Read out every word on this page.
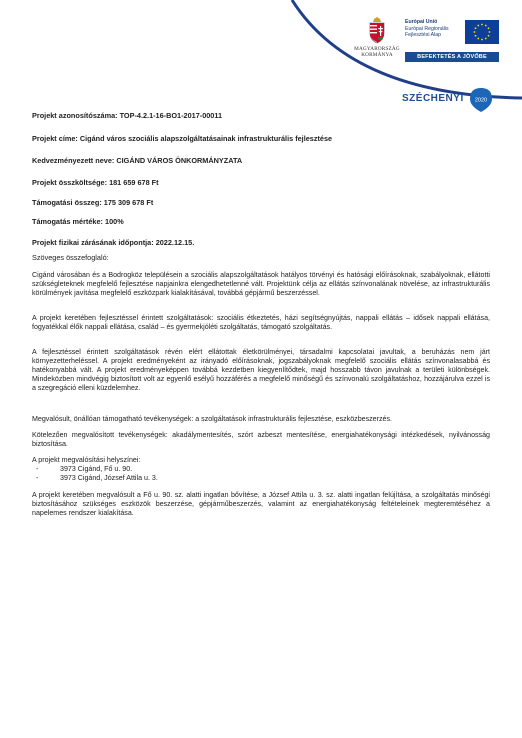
MAGYARORSZÁG
KORMÁNYA
Európai Unió
Európai Regionális
Fejlesztési Alap
BEFEKTETÉS A JÖVŐBE
SZÉCHENYI 2020
Projekt azonosítószáma: TOP-4.2.1-16-BO1-2017-00011
Projekt címe: Cigánd város szociális alapszolgáltatásainak infrastrukturális fejlesztése
Kedvezményezett neve: CIGÁND VÁROS ÖNKORMÁNYZATA
Projekt összköltsége: 181 659 678 Ft
Támogatási összeg: 175 309 678 Ft
Támogatás mértéke: 100%
Projekt fizikai zárásának időpontja: 2022.12.15.
Szöveges összefoglaló:

Cigánd városában és a Bodrogköz településein a szociális alapszolgáltatások hatályos törvényi és hatósági előírásoknak, szabályoknak, ellátotti szükségleteknek megfelelő fejlesztése napjainkra elengedhetetlenné vált. Projektünk célja az ellátás színvonalának növelése, az infrastrukturális körülmények javítása megfelelő eszközpark kialakításával, továbbá gépjármű beszerzéssel.

A projekt keretében fejlesztéssel érintett szolgáltatások: szociális étkeztetés, házi segítségnyújtás, nappali ellátás – idősek nappali ellátása, fogyatékkal élők nappali ellátása, család – és gyermekjóléti szolgáltatás, támogató szolgáltatás.

A fejlesztéssel érintett szolgáltatások révén elért ellátottak életkörülményei, társadalmi kapcsolatai javultak, a beruházás nem járt környezetterheléssel. A projekt eredményeként az irányadó előírásoknak, jogszabályoknak megfelelő szociális ellátás színvonalasabbá és hatékonyabbá vált. A projekt eredményeképpen továbbá kezdetben kiegyenlítődtek, majd hosszabb távon javulnak a területi különbségek. Mindeközben mindvégig biztosított volt az egyenlő esélyű hozzáférés a megfelelő minőségű és színvonalú szolgáltatáshoz, hozzájárulva ezzel is a szegregáció elleni küzdelemhez.

Megvalósult, önállóan támogatható tevékenységek: a szolgáltatások infrastrukturális fejlesztése, eszközbeszerzés.

Kötelezően megvalósított tevékenységek: akadálymentesítés, szórt azbeszt mentesítése, energiahatékonysági intézkedések, nyilvánosság biztosítása.

A projekt megvalósítási helyszínei:

- 3973 Cigánd, Fő u. 90.
- 3973 Cigánd, József Attila u. 3.

A projekt keretében megvalósult a Fő u. 90. sz. alatti ingatlan bővítése, a József Attila u. 3. sz. alatti ingatlan felújítása, a szolgáltatás minőségi biztosításához szükséges eszközök beszerzése, gépjárműbeszerzés, valamint az energiahatékonyság feltételeinek megteremtéséhez a napelemes rendszer kialakítása.
